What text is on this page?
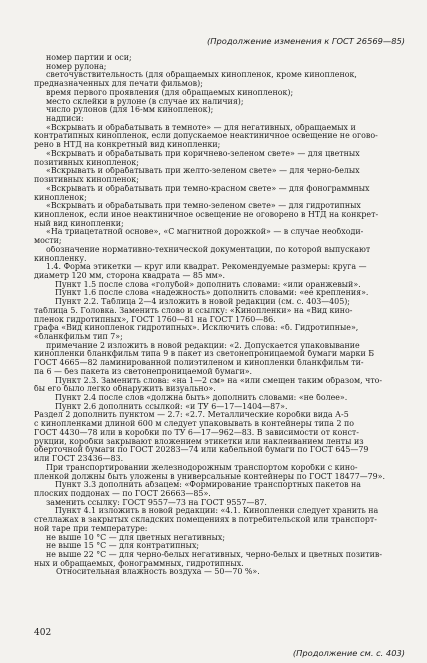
(Продолжение изменения к ГОСТ 26569—85)
номер партии и оси;
номер рулона;
светочувствительность (для обращаемых кинопленок, кроме кинопленок,
предназначенных для печати фильмов);
время первого проявления (для обращаемых кинопленок);
место склейки в рулоне (в случае их наличия);
число рулонов (для 16-мм кинопленок);
надписи:
«Вскрывать и обрабатывать в темноте» — для негативных, обращаемых и
контратипных кинопленок, если допускаемое неактиничное освещение не огово-
рено в НТД на конкретный вид кинопленки;
«Вскрывать и обрабатывать при коричнево-зеленом свете» — для цветных
позитивных кинопленок;
«Вскрывать и обрабатывать при желто-зеленом свете» — для черно-белых
позитивных кинопленок;
«Вскрывать и обрабатывать при темно-красном свете» — для фонограммных
кинопленок;
«Вскрывать и обрабатывать при темно-зеленом свете» — для гидротипных
кинопленок, если иное неактиничное освещение не оговорено в НТД на конкрет-
ный вид кинопленки;
«На триацетатной основе», «С магнитной дорожкой» — в случае необходи-
мости;
обозначение нормативно-технической документации, по которой выпускают
кинопленку.
1.4. Форма этикетки — круг или квадрат. Рекомендуемые размеры: круга —
диаметр 120 мм, сторона квадрата — 85 мм».
Пункт 1.5 после слова «голубой» дополнить словами: «или оранжевый».
Пункт 1.6 после слова «надежность» дополнить словами: «ее крепления».
Пункт 2.2. Таблица 2—4 изложить в новой редакции (см. с. 403—405);
таблица 5. Головка. Заменить слово и ссылку: «Кинопленки» на «Вид кино-
пленок гидротипных», ГОСТ 1760—81 на ГОСТ 1760—86.
графа «Вид кинопленок гидротипных». Исключить слова: «б. Гидротипные»,
«бланкфильм тип 7»;
примечание 2 изложить в новой редакции: «2. Допускается упаковывание
кинопленки бланкфильм типа 9 в пакет из светонепроницаемой бумаги марки Б
ГОСТ 4665—82 ламинированной полиэтиленом и кинопленки бланкфильм ти-
па 6 — без пакета из светонепроницаемой бумаги».
Пункт 2.3. Заменить слова: «на 1—2 см» на «или смещен таким образом, что-
бы его было легко обнаружить визуально».
Пункт 2.4 после слов «должна быть» дополнить словами: «не более».
Пункт 2.6 дополнить ссылкой: «и ТУ 6—17—1404—87».
Раздел 2 дополнить пунктом — 2.7: «2.7. Металлические коробки вида А-5
с кинопленками длиной 600 м следует упаковывать в контейнеры типа 2 по
ГОСТ 4430—78 или в коробки по ТУ 6—17—962—83. В зависимости от конст-
рукции, коробки закрывают вложением этикетки или наклеиванием ленты из
оберточной бумаги по ГОСТ 20283—74 или кабельной бумаги по ГОСТ 645—79
или ГОСТ 23436—83.
При транспортировании железнодорожным транспортом коробки с кино-
пленкой должны быть уложены в универсальные контейнеры по ГОСТ 18477—79».
Пункт 3.3 дополнить абзацем: «Формирование транспортных пакетов на
плоских поддонах — по ГОСТ 26663—85».
заменить ссылку: ГОСТ 9557—73 на ГОСТ 9557—87.
Пункт 4.1 изложить в новой редакции: «4.1. Кинопленки следует хранить на
стеллажах в закрытых складских помещениях в потребительской или транспорт-
ной таре при температуре:
не выше 10 °С — для цветных негативных;
не выше 15 °С — для контратипных;
не выше 22 °С — для черно-белых негативных, черно-белых и цветных позитив-
ных и обращаемых, фонограммных, гидротипных.
Относительная влажность воздуха — 50—70 %».
402
(Продолжение см. с. 403)
